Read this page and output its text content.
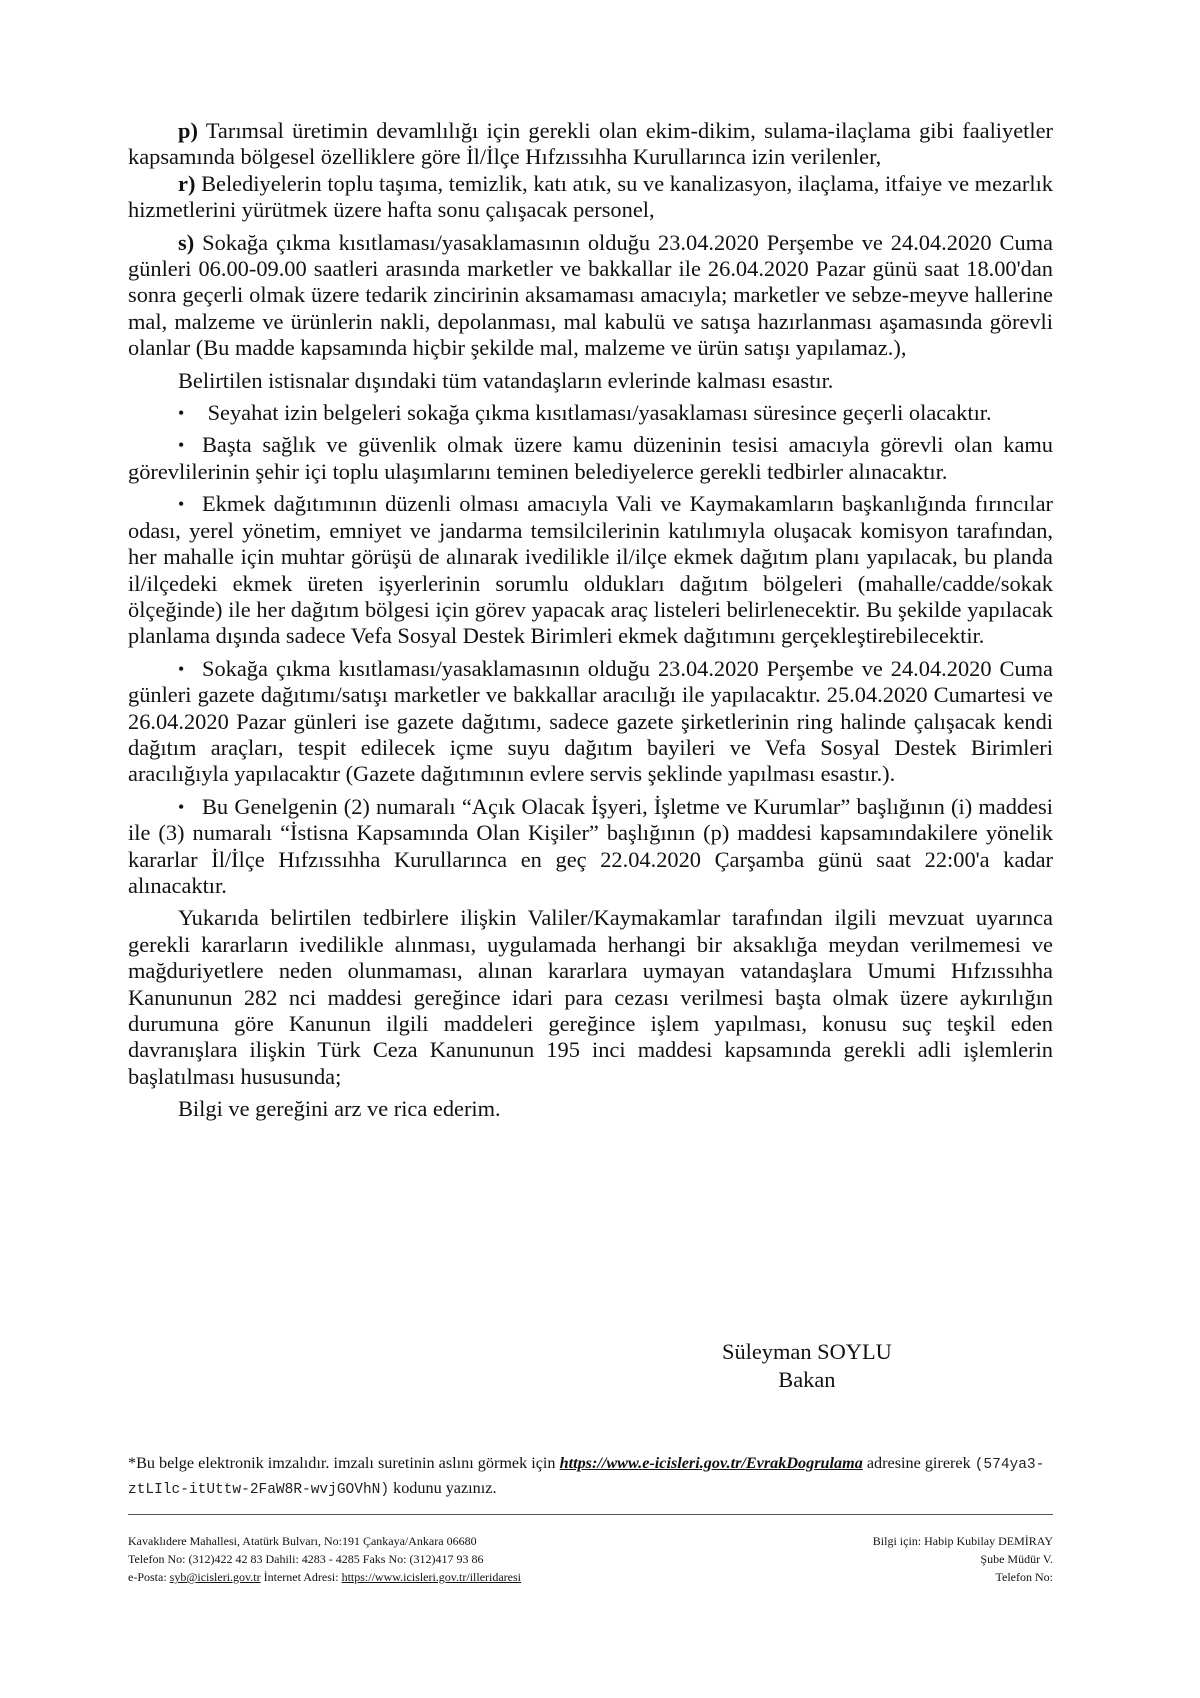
p) Tarımsal üretimin devamlılığı için gerekli olan ekim-dikim, sulama-ilaçlama gibi faaliyetler kapsamında bölgesel özelliklere göre İl/İlçe Hıfzıssıhha Kurullarınca izin verilenler,

r) Belediyelerin toplu taşıma, temizlik, katı atık, su ve kanalizasyon, ilaçlama, itfaiye ve mezarlık hizmetlerini yürütmek üzere hafta sonu çalışacak personel,

s) Sokağa çıkma kısıtlaması/yasaklamasının olduğu 23.04.2020 Perşembe ve 24.04.2020 Cuma günleri 06.00-09.00 saatleri arasında marketler ve bakkallar ile 26.04.2020 Pazar günü saat 18.00'dan sonra geçerli olmak üzere tedarik zincirinin aksamaması amacıyla; marketler ve sebze-meyve hallerine mal, malzeme ve ürünlerin nakli, depolanması, mal kabulü ve satışa hazırlanması aşamasında görevli olanlar (Bu madde kapsamında hiçbir şekilde mal, malzeme ve ürün satışı yapılamaz.),

Belirtilen istisnalar dışındaki tüm vatandaşların evlerinde kalması esastır.

• Seyahat izin belgeleri sokağa çıkma kısıtlaması/yasaklaması süresince geçerli olacaktır.

• Başta sağlık ve güvenlik olmak üzere kamu düzeninin tesisi amacıyla görevli olan kamu görevlilerinin şehir içi toplu ulaşımlarını teminen belediyelerce gerekli tedbirler alınacaktır.

• Ekmek dağıtımının düzenli olması amacıyla Vali ve Kaymakamların başkanlığında fırıncılar odası, yerel yönetim, emniyet ve jandarma temsilcilerinin katılımıyla oluşacak komisyon tarafından, her mahalle için muhtar görüşü de alınarak ivedilikle il/ilçe ekmek dağıtım planı yapılacak, bu planda il/ilçedeki ekmek üreten işyerlerinin sorumlu oldukları dağıtım bölgeleri (mahalle/cadde/sokak ölçeğinde) ile her dağıtım bölgesi için görev yapacak araç listeleri belirlenecektir. Bu şekilde yapılacak planlama dışında sadece Vefa Sosyal Destek Birimleri ekmek dağıtımını gerçekleştirebilecektir.

• Sokağa çıkma kısıtlaması/yasaklamasının olduğu 23.04.2020 Perşembe ve 24.04.2020 Cuma günleri gazete dağıtımı/satışı marketler ve bakkallar aracılığı ile yapılacaktır. 25.04.2020 Cumartesi ve 26.04.2020 Pazar günleri ise gazete dağıtımı, sadece gazete şirketlerinin ring halinde çalışacak kendi dağıtım araçları, tespit edilecek içme suyu dağıtım bayileri ve Vefa Sosyal Destek Birimleri aracılığıyla yapılacaktır (Gazete dağıtımının evlere servis şeklinde yapılması esastır.).

• Bu Genelgenin (2) numaralı “Açık Olacak İşyeri, İşletme ve Kurumlar” başlığının (i) maddesi ile (3) numaralı “İstisna Kapsamında Olan Kişiler” başlığının (p) maddesi kapsamındakilere yönelik kararlar İl/İlçe Hıfzıssıhha Kurullarınca en geç 22.04.2020 Çarşamba günü saat 22:00'a kadar alınacaktır.

Yukarıda belirtilen tedbirlere ilişkin Valiler/Kaymakamlar tarafından ilgili mevzuat uyarınca gerekli kararların ivedilikle alınması, uygulamada herhangi bir aksaklığa meydan verilmemesi ve mağduriyetlere neden olunmaması, alınan kararlara uymayan vatandaşlara Umumi Hıfzıssıhha Kanununun 282 nci maddesi gereğince idari para cezası verilmesi başta olmak üzere aykırılığın durumuna göre Kanunun ilgili maddeleri gereğince işlem yapılması, konusu suç teşkil eden davranışlara ilişkin Türk Ceza Kanununun 195 inci maddesi kapsamında gerekli adli işlemlerin başlatılması hususunda;

Bilgi ve gereğini arz ve rica ederim.

Süleyman SOYLU
Bakan
*Bu belge elektronik imzalıdır. imzalı suretinin aslını görmek için https://www.e-icisleri.gov.tr/EvrakDogrulama adresine girerek (574ya3-ztLIlc-itUttw-2FaW8R-wvjGOVhN) kodunu yazınız.
Kavaklıdere Mahallesi, Atatürk Bulvarı, No:191 Çankaya/Ankara 06680
Telefon No: (312)422 42 83 Dahili: 4283 - 4285 Faks No: (312)417 93 86
e-Posta: syb@icisleri.gov.tr İnternet Adresi: https://www.icisleri.gov.tr/illeridaresi
Bilgi için: Habip Kubilay DEMİRAY
Şube Müdür V.
Telefon No:
